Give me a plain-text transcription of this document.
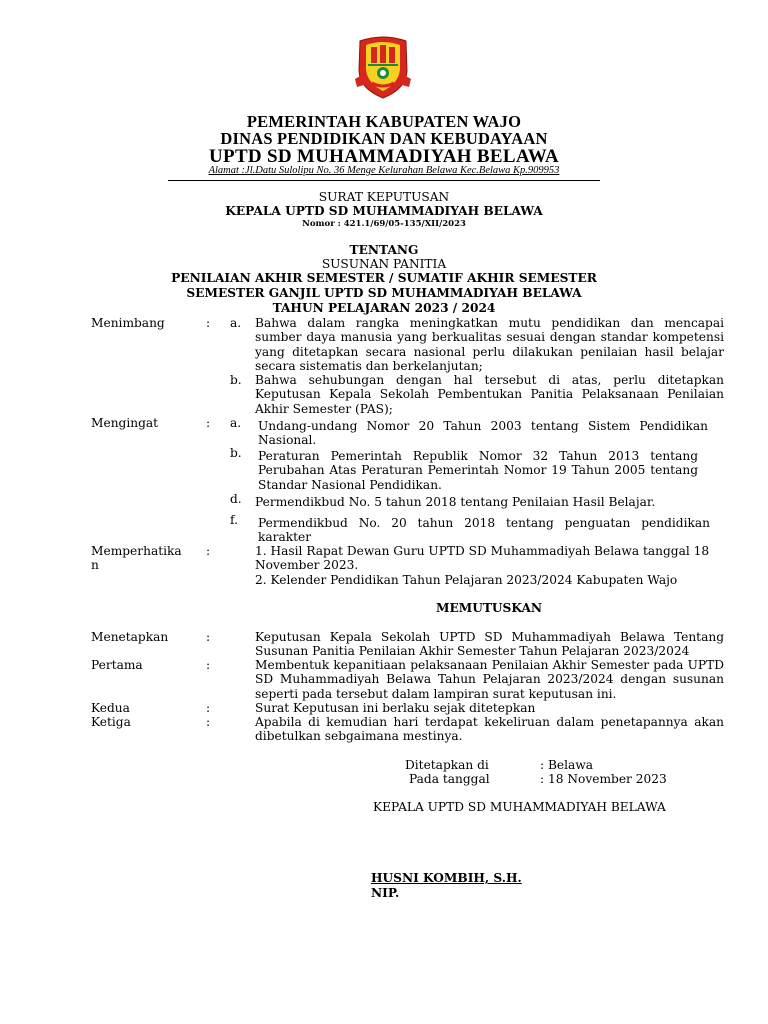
PEMERINTAH KABUPATEN WAJO
DINAS PENDIDIKAN DAN KEBUDAYAAN
UPTD SD MUHAMMADIYAH BELAWA
Alamat :Jl.Datu Sulolipu No. 36 Menge Kelurahan Belawa Kec.Belawa Kp.909953
SURAT KEPUTUSAN
KEPALA UPTD SD MUHAMMADIYAH BELAWA
Nomor : 421.1/69/05-135/XII/2023
TENTANG
SUSUNAN PANITIA
PENILAIAN AKHIR SEMESTER / SUMATIF AKHIR SEMESTER
SEMESTER GANJIL UPTD SD MUHAMMADIYAH BELAWA
TAHUN PELAJARAN 2023 / 2024
Menimbang	: a. Bahwa dalam rangka meningkatkan mutu pendidikan dan mencapai sumber daya manusia yang berkualitas sesuai dengan standar kompetensi yang ditetapkan secara nasional perlu dilakukan penilaian hasil belajar secara sistematis dan berkelanjutan;
b. Bahwa sehubungan dengan hal tersebut di atas, perlu ditetapkan Keputusan Kepala Sekolah Pembentukan Panitia Pelaksanaan Penilaian Akhir Semester (PAS);
Mengingat	: a. Undang-undang Nomor 20 Tahun 2003 tentang Sistem Pendidikan Nasional.
b. Peraturan Pemerintah Republik Nomor 32 Tahun 2013 tentang Perubahan Atas Peraturan Pemerintah Nomor 19 Tahun 2005 tentang Standar Nasional Pendidikan.
d. Permendikbud No. 5 tahun 2018 tentang Penilaian Hasil Belajar.
f. Permendikbud No. 20 tahun 2018 tentang penguatan pendidikan karakter
Memperhatika
n
:	1. Hasil Rapat Dewan Guru UPTD SD Muhammadiyah Belawa tanggal 18 November 2023.
2. Kelender Pendidikan Tahun Pelajaran 2023/2024 Kabupaten Wajo
MEMUTUSKAN
Menetapkan	:	Keputusan Kepala Sekolah UPTD SD Muhammadiyah Belawa Tentang Susunan Panitia Penilaian Akhir Semester Tahun Pelajaran 2023/2024
Pertama	:	Membentuk kepanitiaan pelaksanaan Penilaian Akhir Semester pada UPTD SD Muhammadiyah Belawa Tahun Pelajaran 2023/2024 dengan susunan seperti pada tersebut dalam lampiran surat keputusan ini.
Kedua	:	Surat Keputusan ini berlaku sejak ditetepkan
Ketiga	:	Apabila di kemudian hari terdapat kekeliruan dalam penetapannya akan dibetulkan sebgaimana mestinya.
Ditetapkan di	: Belawa
Pada tanggal	: 18 November 2023
KEPALA UPTD SD MUHAMMADIYAH BELAWA
HUSNI KOMBIH, S.H.
NIP.
